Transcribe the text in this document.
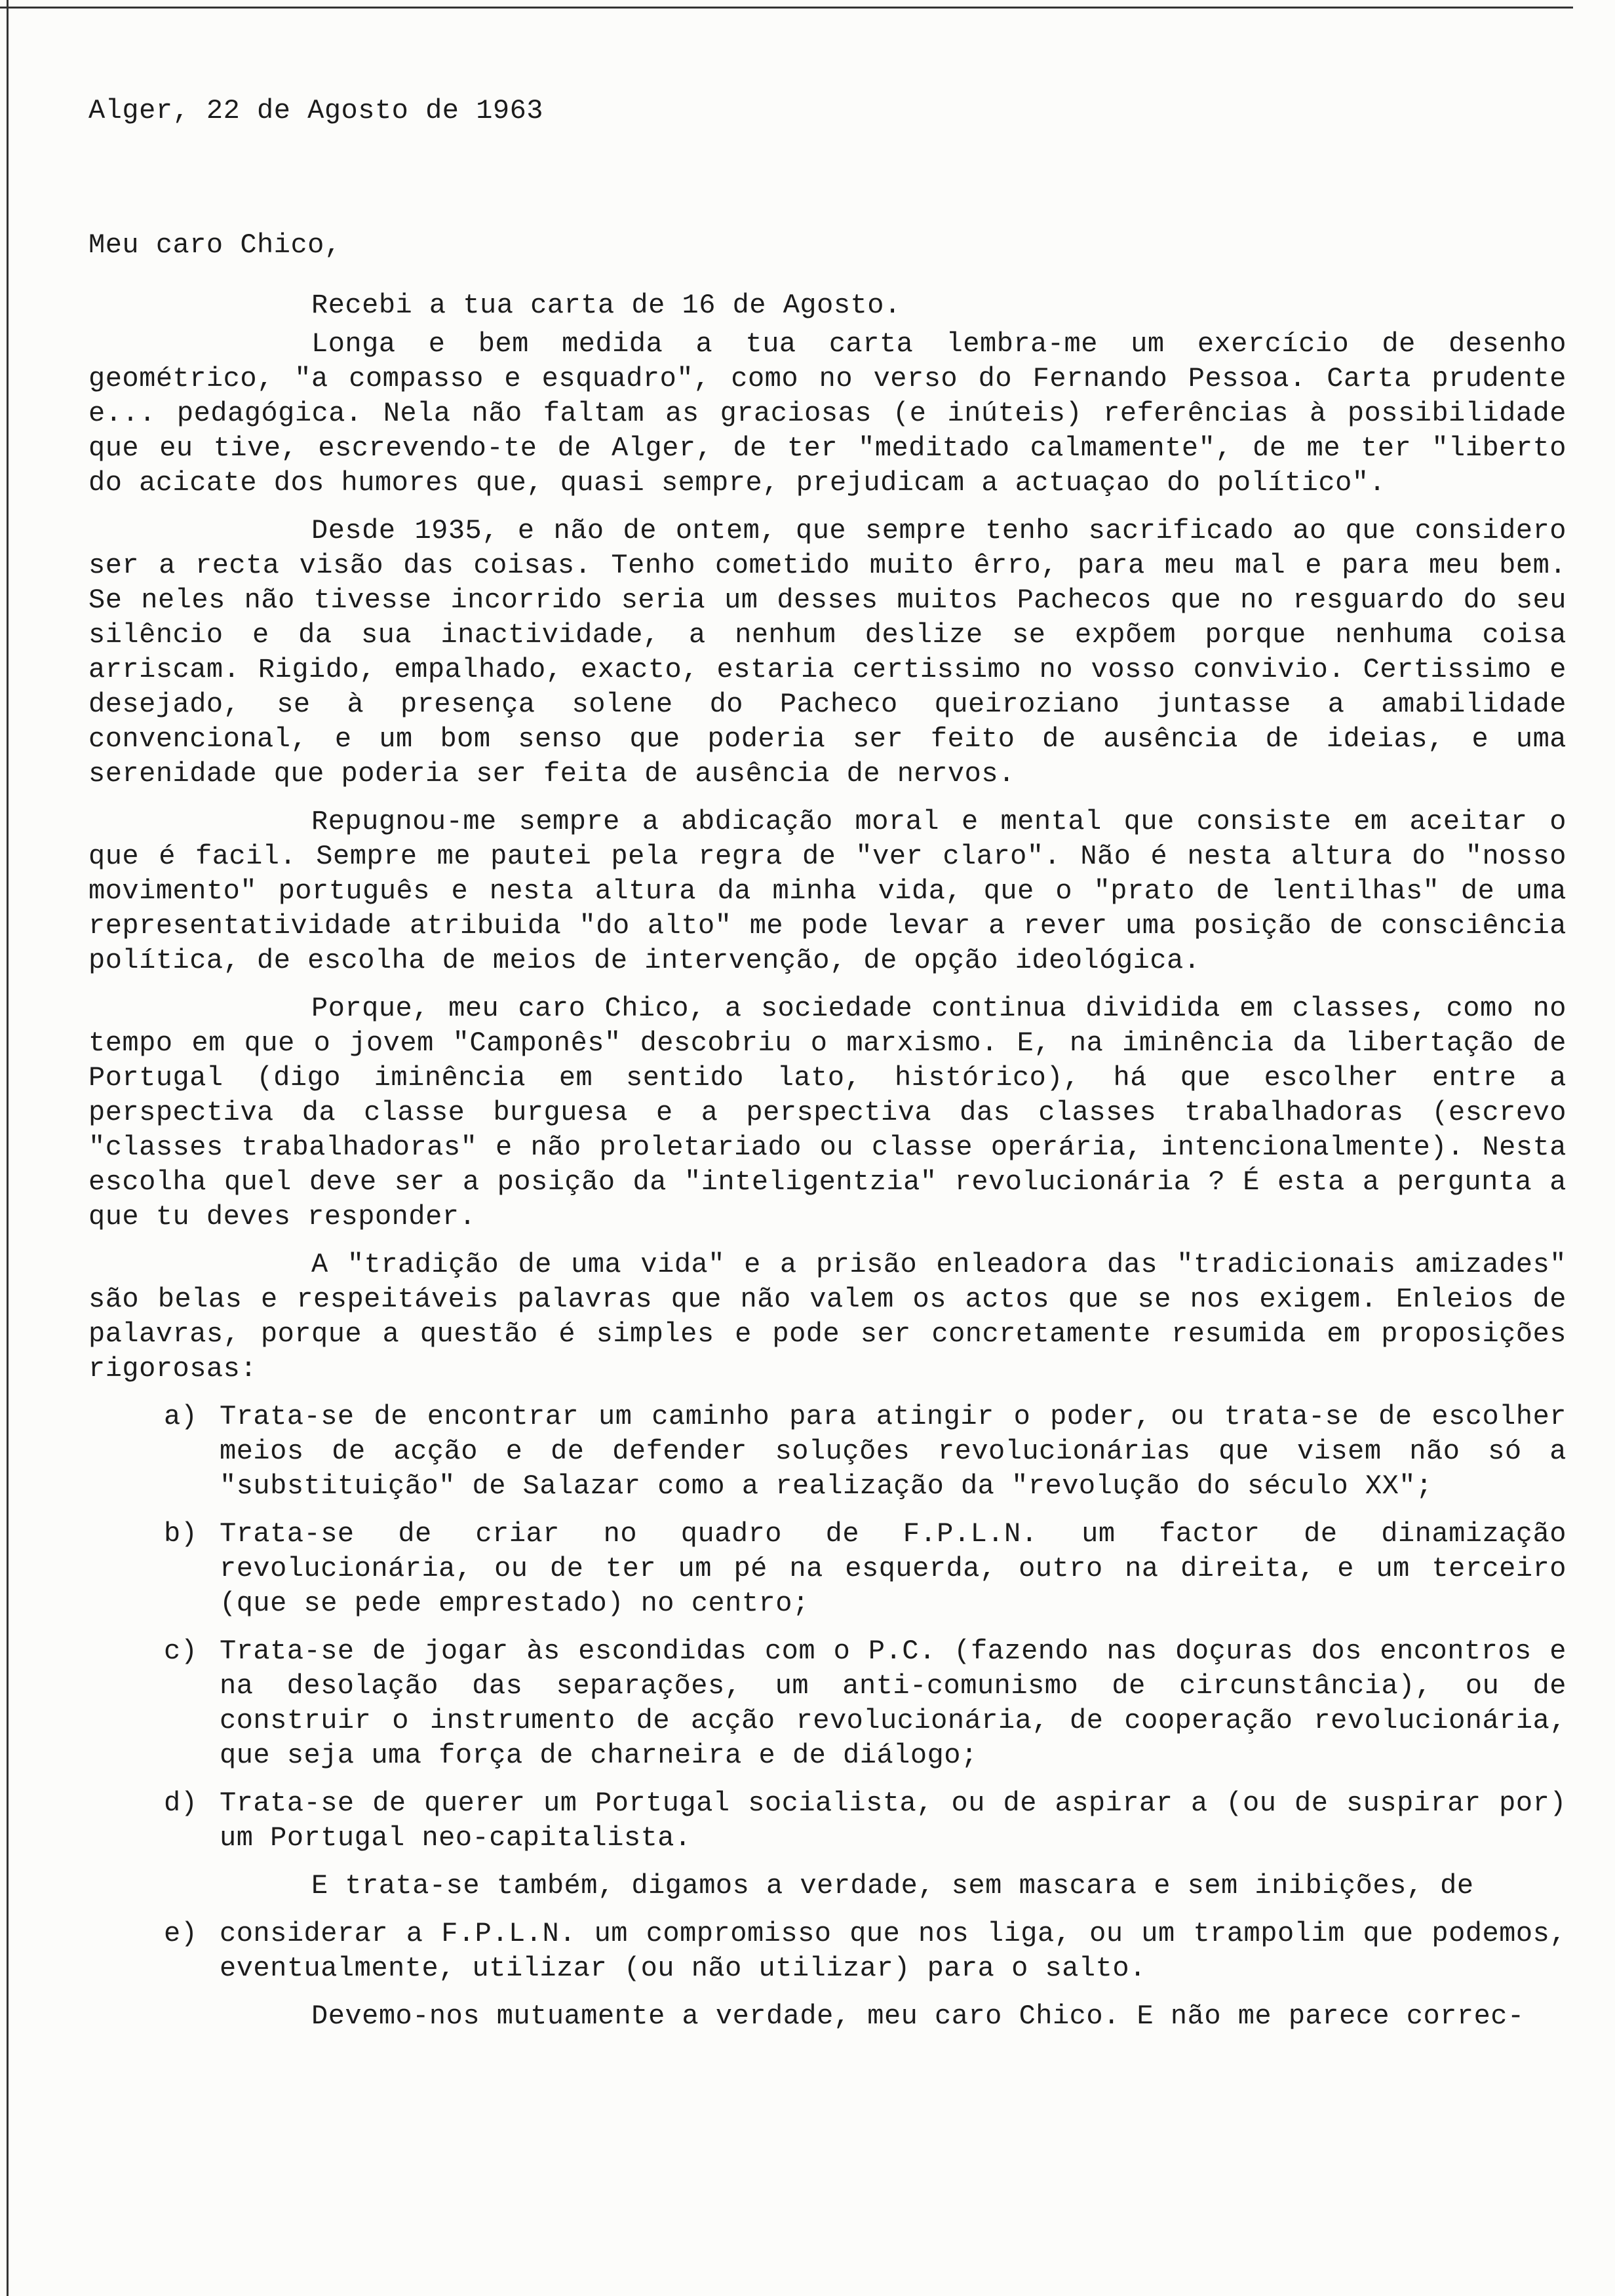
Alger, 22 de Agosto de 1963
Meu caro Chico,

Recebi a tua carta de 16 de Agosto.

Longa e bem medida a tua carta lembra-me um exercício de desenho geométrico, "a compasso e esquadro", como no verso do Fernando Pessoa. Carta prudente e... pedagógica. Nela não faltam as graciosas (e inúteis) referências à possibilidade que eu tive, escrevendo-te de Alger, de ter "meditado calmamente", de me ter "liberto do acicate dos humores que, quasi sempre, prejudicam a actuaçao do político".

Desde 1935, e não de ontem, que sempre tenho sacrificado ao que considero ser a recta visão das coisas. Tenho cometido muito êrro, para meu mal e para meu bem. Se neles não tivesse incorrido seria um desses muitos Pachecos que no resguardo do seu silêncio e da sua inactividade, a nenhum deslize se expõem porque nenhuma coisa arriscam. Rigido, empalhado, exacto, estaria certissimo no vosso convivio. Certissimo e desejado, se à presença solene do Pacheco queiroziano juntasse a amabilidade convencional, e um bom senso que poderia ser feito de ausência de ideias, e uma serenidade que poderia ser feita de ausência de nervos.

Repugnou-me sempre a abdicação moral e mental que consiste em aceitar o que é facil. Sempre me pautei pela regra de "ver claro". Não é nesta altura do "nosso movimento" português e nesta altura da minha vida, que o "prato de lentilhas" de uma representatividade atribuida "do alto" me pode levar a rever uma posição de consciência política, de escolha de meios de intervenção, de opção ideológica.

Porque, meu caro Chico, a sociedade continua dividida em classes, como no tempo em que o jovem "Camponês" descobriu o marxismo. E, na iminência da libertação de Portugal (digo iminência em sentido lato, histórico), há que escolher entre a perspectiva da classe burguesa e a perspectiva das classes trabalhadoras (escrevo "classes trabalhadoras" e não proletariado ou classe operária, intencionalmente). Nesta escolha quel deve ser a posição da "inteligentzia" revolucionária ? É esta a pergunta a que tu deves responder.

A "tradição de uma vida" e a prisão enleadora das "tradicionais amizades" são belas e respeitáveis palavras que não valem os actos que se nos exigem. Enleios de palavras, porque a questão é simples e pode ser concretamente resumida em proposições rigorosas:

a) Trata-se de encontrar um caminho para atingir o poder, ou trata-se de escolher meios de acção e de defender soluções revolucionárias que visem não só a "substituição" de Salazar como a realização da "revolução do século XX";

b) Trata-se de criar no quadro de F.P.L.N. um factor de dinamização revolucionária, ou de ter um pé na esquerda, outro na direita, e um terceiro (que se pede emprestado) no centro;

c) Trata-se de jogar às escondidas com o P.C. (fazendo nas doçuras dos encontros e na desolação das separações, um anti-comunismo de circunstância), ou de construir o instrumento de acção revolucionária, de cooperação revolucionária, que seja uma força de charneira e de diálogo;

d) Trata-se de querer um Portugal socialista, ou de aspirar a (ou de suspirar por) um Portugal neo-capitalista.

E trata-se também, digamos a verdade, sem mascara e sem inibições, de

e) considerar a F.P.L.N. um compromisso que nos liga, ou um trampolim que podemos, eventualmente, utilizar (ou não utilizar) para o salto.

Devemo-nos mutuamente a verdade, meu caro Chico. E não me parece correc-
